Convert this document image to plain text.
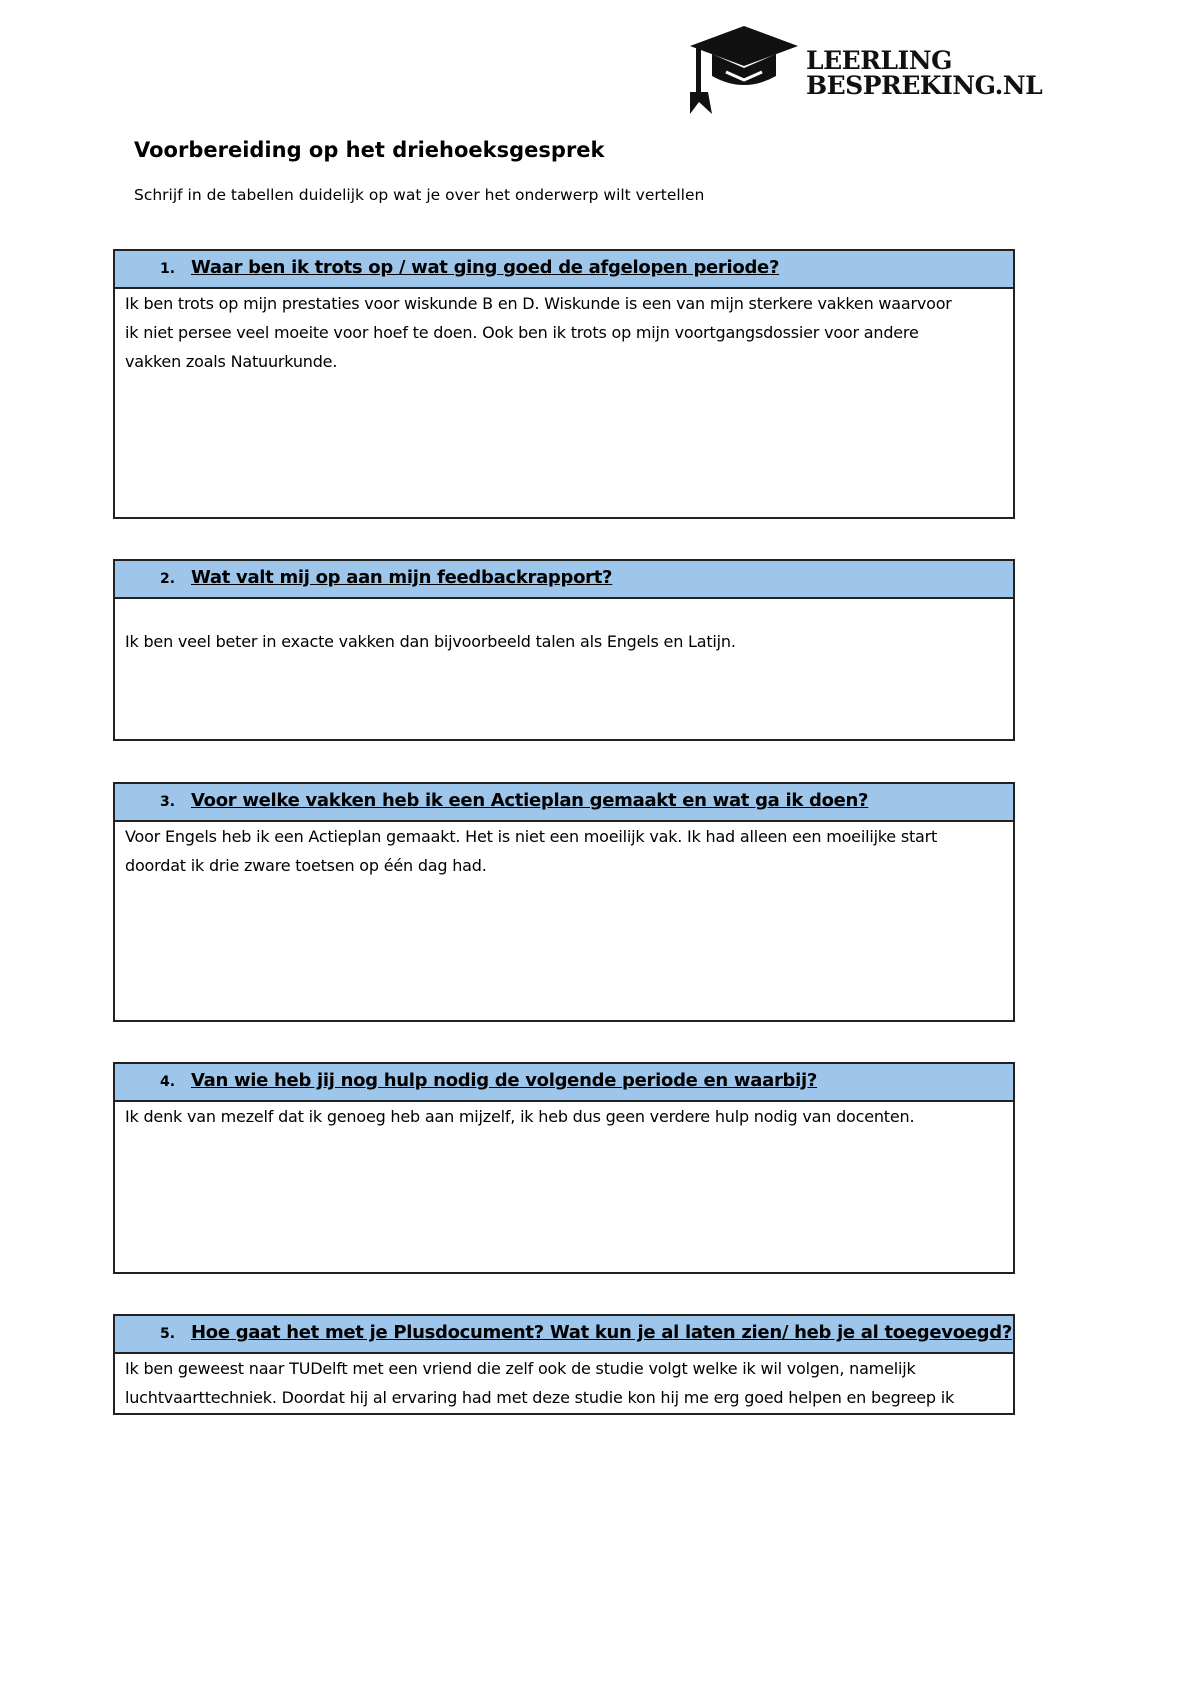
LEERLING
BESPREKING.NL
Voorbereiding op het driehoeksgesprek
Schrijf in de tabellen duidelijk op wat je over het onderwerp wilt vertellen
1. Waar ben ik trots op / wat ging goed de afgelopen periode?
Ik ben trots op mijn prestaties voor wiskunde B en D. Wiskunde is een van mijn sterkere vakken waarvoor
ik niet persee veel moeite voor hoef te doen. Ook ben ik trots op mijn voortgangsdossier voor andere
vakken zoals Natuurkunde.
2. Wat valt mij op aan mijn feedbackrapport?
Ik ben veel beter in exacte vakken dan bijvoorbeeld talen als Engels en Latijn.
3. Voor welke vakken heb ik een Actieplan gemaakt en wat ga ik doen?
Voor Engels heb ik een Actieplan gemaakt. Het is niet een moeilijk vak. Ik had alleen een moeilijke start
doordat ik drie zware toetsen op één dag had.
4. Van wie heb jij nog hulp nodig de volgende periode en waarbij?
Ik denk van mezelf dat ik genoeg heb aan mijzelf, ik heb dus geen verdere hulp nodig van docenten.
5. Hoe gaat het met je Plusdocument? Wat kun je al laten zien/ heb je al toegevoegd?
Ik ben geweest naar TUDelft met een vriend die zelf ook de studie volgt welke ik wil volgen, namelijk
luchtvaarttechniek. Doordat hij al ervaring had met deze studie kon hij me erg goed helpen en begreep ik
